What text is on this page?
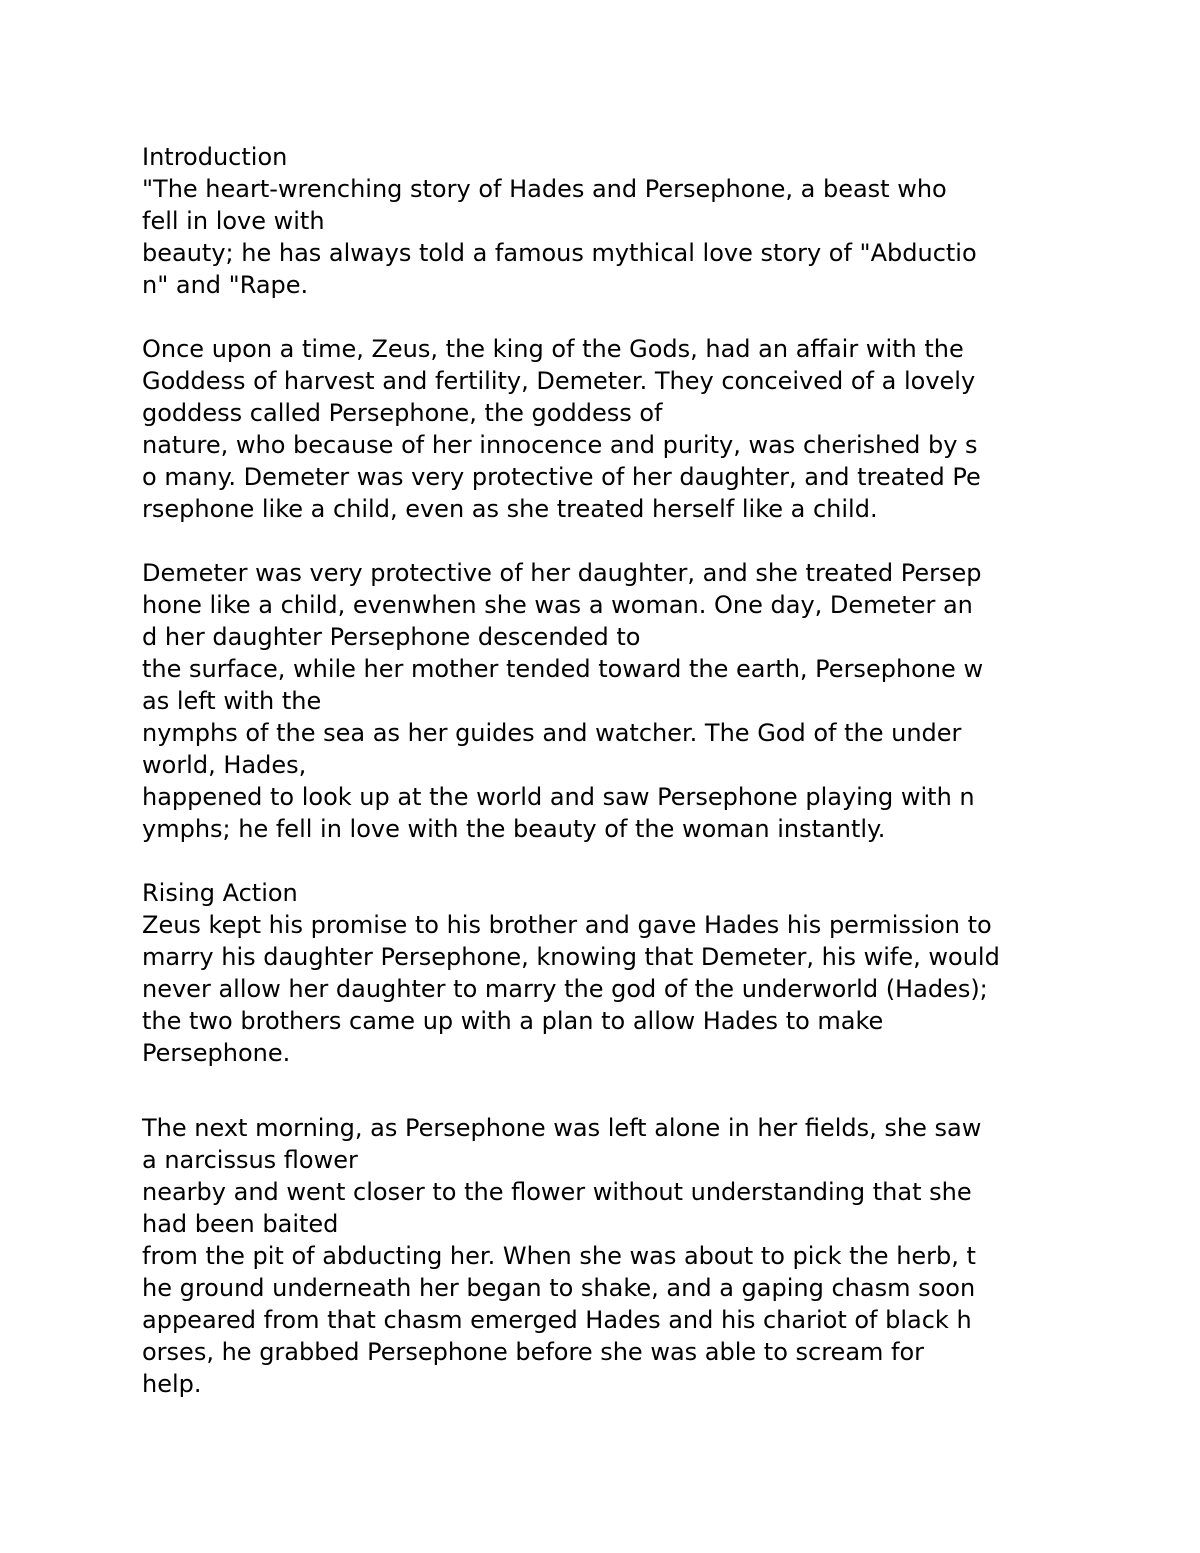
Introduction
"The heart-wrenching story of Hades and Persephone, a beast who
fell in love with
beauty; he has always told a famous mythical love story of "Abductio
n" and "Rape.
Once upon a time, Zeus, the king of the Gods, had an affair with the
Goddess of harvest and fertility, Demeter. They conceived of a lovely
goddess called Persephone, the goddess of
nature, who because of her innocence and purity, was cherished by s
o many. Demeter was very protective of her daughter, and treated Pe
rsephone like a child, even as she treated herself like a child.
Demeter was very protective of her daughter, and she treated Persep
hone like a child, evenwhen she was a woman. One day, Demeter an
d her daughter Persephone descended to
the surface, while her mother tended toward the earth, Persephone w
as left with the
nymphs of the sea as her guides and watcher. The God of the under
world, Hades,
happened to look up at the world and saw Persephone playing with n
ymphs; he fell in love with the beauty of the woman instantly.
Rising Action
Zeus kept his promise to his brother and gave Hades his permission to
marry his daughter Persephone, knowing that Demeter, his wife, would
never allow her daughter to marry the god of the underworld (Hades);
the two brothers came up with a plan to allow Hades to make
Persephone.
The next morning, as Persephone was left alone in her fields, she saw
a narcissus flower
nearby and went closer to the flower without understanding that she
had been baited
from the pit of abducting her. When she was about to pick the herb, t
he ground underneath her began to shake, and a gaping chasm soon
appeared from that chasm emerged Hades and his chariot of black h
orses, he grabbed Persephone before she was able to scream for
help.
